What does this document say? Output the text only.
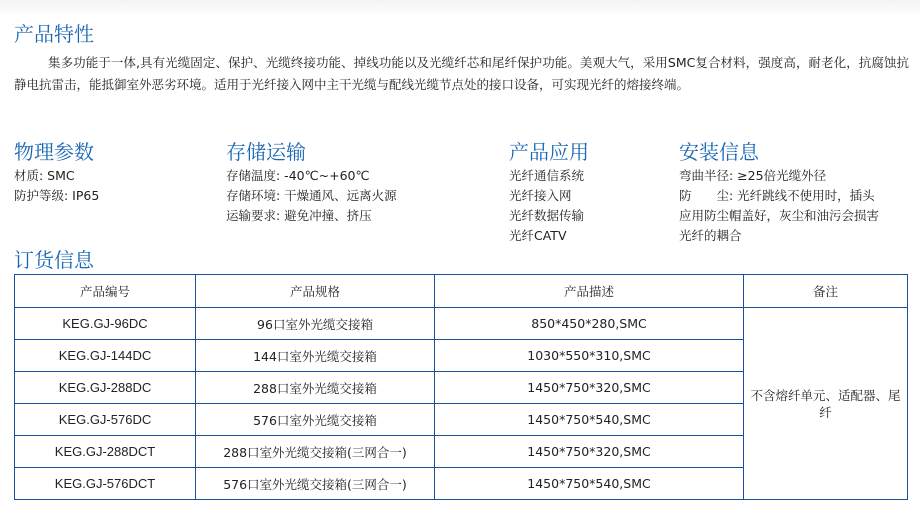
产品特性
集多功能于一体,具有光缆固定、保护、光缆终接功能、掉线功能以及光缆纤芯和尾纤保护功能。美观大气，采用SMC复合材料，强度高，耐老化，抗腐蚀抗静电抗雷击，能抵御室外恶劣环境。适用于光纤接入网中主干光缆与配线光缆节点处的接口设备，可实现光纤的熔接终端。
物理参数
材质: SMC
防护等级: IP65
存储运输
存储温度: -40℃~+60℃
存储环境: 干燥通风、远离火源
运输要求: 避免冲撞、挤压
产品应用
光纤通信系统
光纤接入网
光纤数据传输
光纤CATV
安装信息
弯曲半径: ≥25倍光缆外径
防　　尘: 光纤跳线不使用时，插头
应用防尘帽盖好，灰尘和油污会损害
光纤的耦合
订货信息
产品编号	产品规格	产品描述	备注
KEG.GJ-96DC	96口室外光缆交接箱	850*450*280,SMC	不含熔纤单元、适配器、尾纤
KEG.GJ-144DC	144口室外光缆交接箱	1030*550*310,SMC	
KEG.GJ-288DC	288口室外光缆交接箱	1450*750*320,SMC	
KEG.GJ-576DC	576口室外光缆交接箱	1450*750*540,SMC	
KEG.GJ-288DCT	288口室外光缆交接箱(三网合一)	1450*750*320,SMC	
KEG.GJ-576DCT	576口室外光缆交接箱(三网合一)	1450*750*540,SMC	
